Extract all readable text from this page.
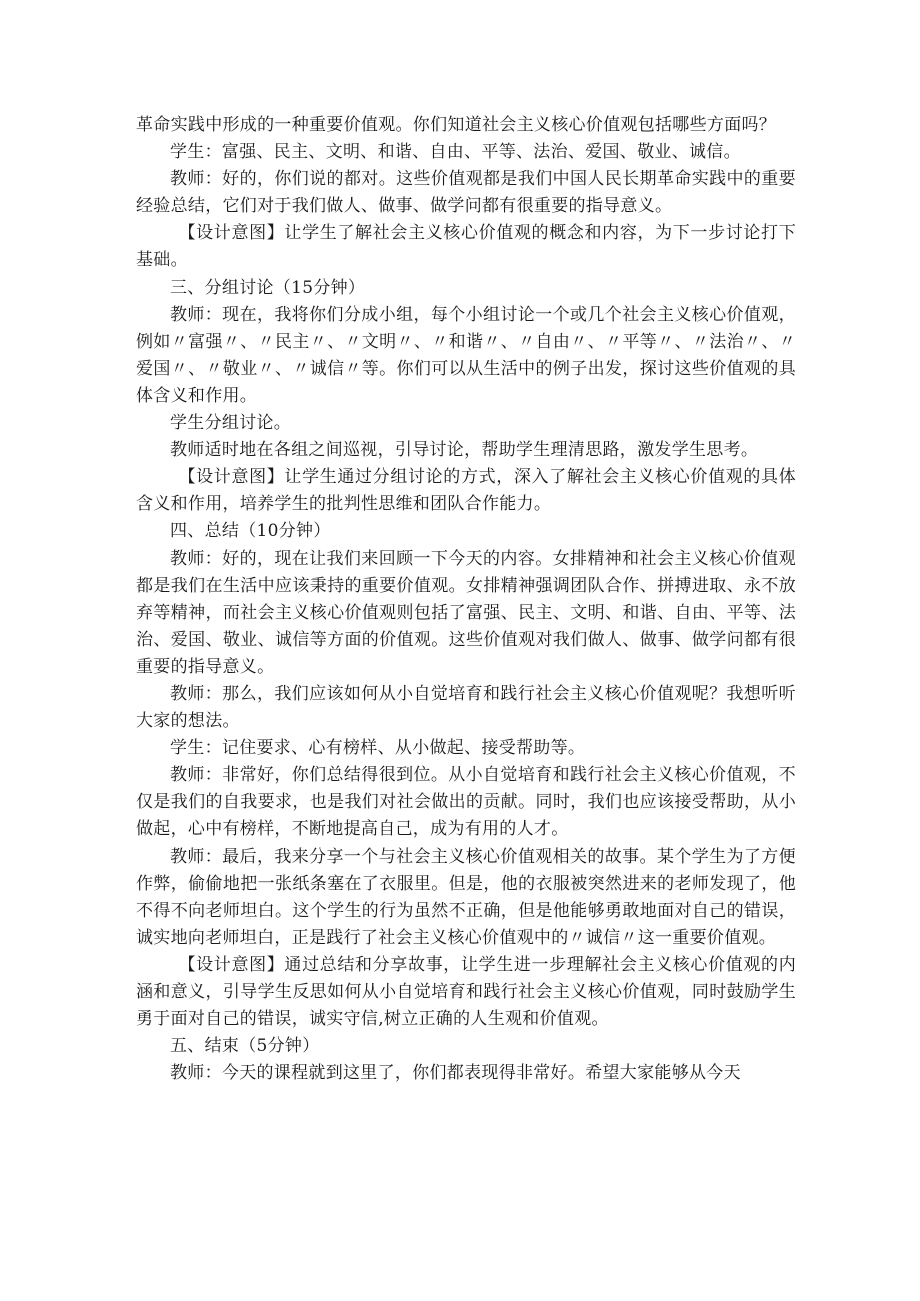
革命实践中形成的一种重要价值观。你们知道社会主义核心价值观包括哪些方面吗？

学生：富强、民主、文明、和谐、自由、平等、法治、爱国、敬业、诚信。

教师：好的，你们说的都对。这些价值观都是我们中国人民长期革命实践中的重要经验总结，它们对于我们做人、做事、做学问都有很重要的指导意义。

【设计意图】让学生了解社会主义核心价值观的概念和内容，为下一步讨论打下基础。

三、分组讨论（15分钟）

教师：现在，我将你们分成小组，每个小组讨论一个或几个社会主义核心价值观，例如〃富强〃、〃民主〃、〃文明〃、〃和谐〃、〃自由〃、〃平等〃、〃法治〃、〃爱国〃、〃敬业〃、〃诚信〃等。你们可以从生活中的例子出发，探讨这些价值观的具体含义和作用。

学生分组讨论。

教师适时地在各组之间巡视，引导讨论，帮助学生理清思路，激发学生思考。

【设计意图】让学生通过分组讨论的方式，深入了解社会主义核心价值观的具体含义和作用，培养学生的批判性思维和团队合作能力。

四、总结（10分钟）

教师：好的，现在让我们来回顾一下今天的内容。女排精神和社会主义核心价值观都是我们在生活中应该秉持的重要价值观。女排精神强调团队合作、拼搏进取、永不放弃等精神，而社会主义核心价值观则包括了富强、民主、文明、和谐、自由、平等、法治、爱国、敬业、诚信等方面的价值观。这些价值观对我们做人、做事、做学问都有很重要的指导意义。

教师：那么，我们应该如何从小自觉培育和践行社会主义核心价值观呢？我想听听大家的想法。

学生：记住要求、心有榜样、从小做起、接受帮助等。

教师：非常好，你们总结得很到位。从小自觉培育和践行社会主义核心价值观，不仅是我们的自我要求，也是我们对社会做出的贡献。同时，我们也应该接受帮助，从小做起，心中有榜样，不断地提高自己，成为有用的人才。

教师：最后，我来分享一个与社会主义核心价值观相关的故事。某个学生为了方便作弊，偷偷地把一张纸条塞在了衣服里。但是，他的衣服被突然进来的老师发现了，他不得不向老师坦白。这个学生的行为虽然不正确，但是他能够勇敢地面对自己的错误，诚实地向老师坦白，正是践行了社会主义核心价值观中的〃诚信〃这一重要价值观。

【设计意图】通过总结和分享故事，让学生进一步理解社会主义核心价值观的内涵和意义，引导学生反思如何从小自觉培育和践行社会主义核心价值观，同时鼓励学生勇于面对自己的错误，诚实守信,树立正确的人生观和价值观。

五、结束（5分钟）

教师：今天的课程就到这里了，你们都表现得非常好。希望大家能够从今天
